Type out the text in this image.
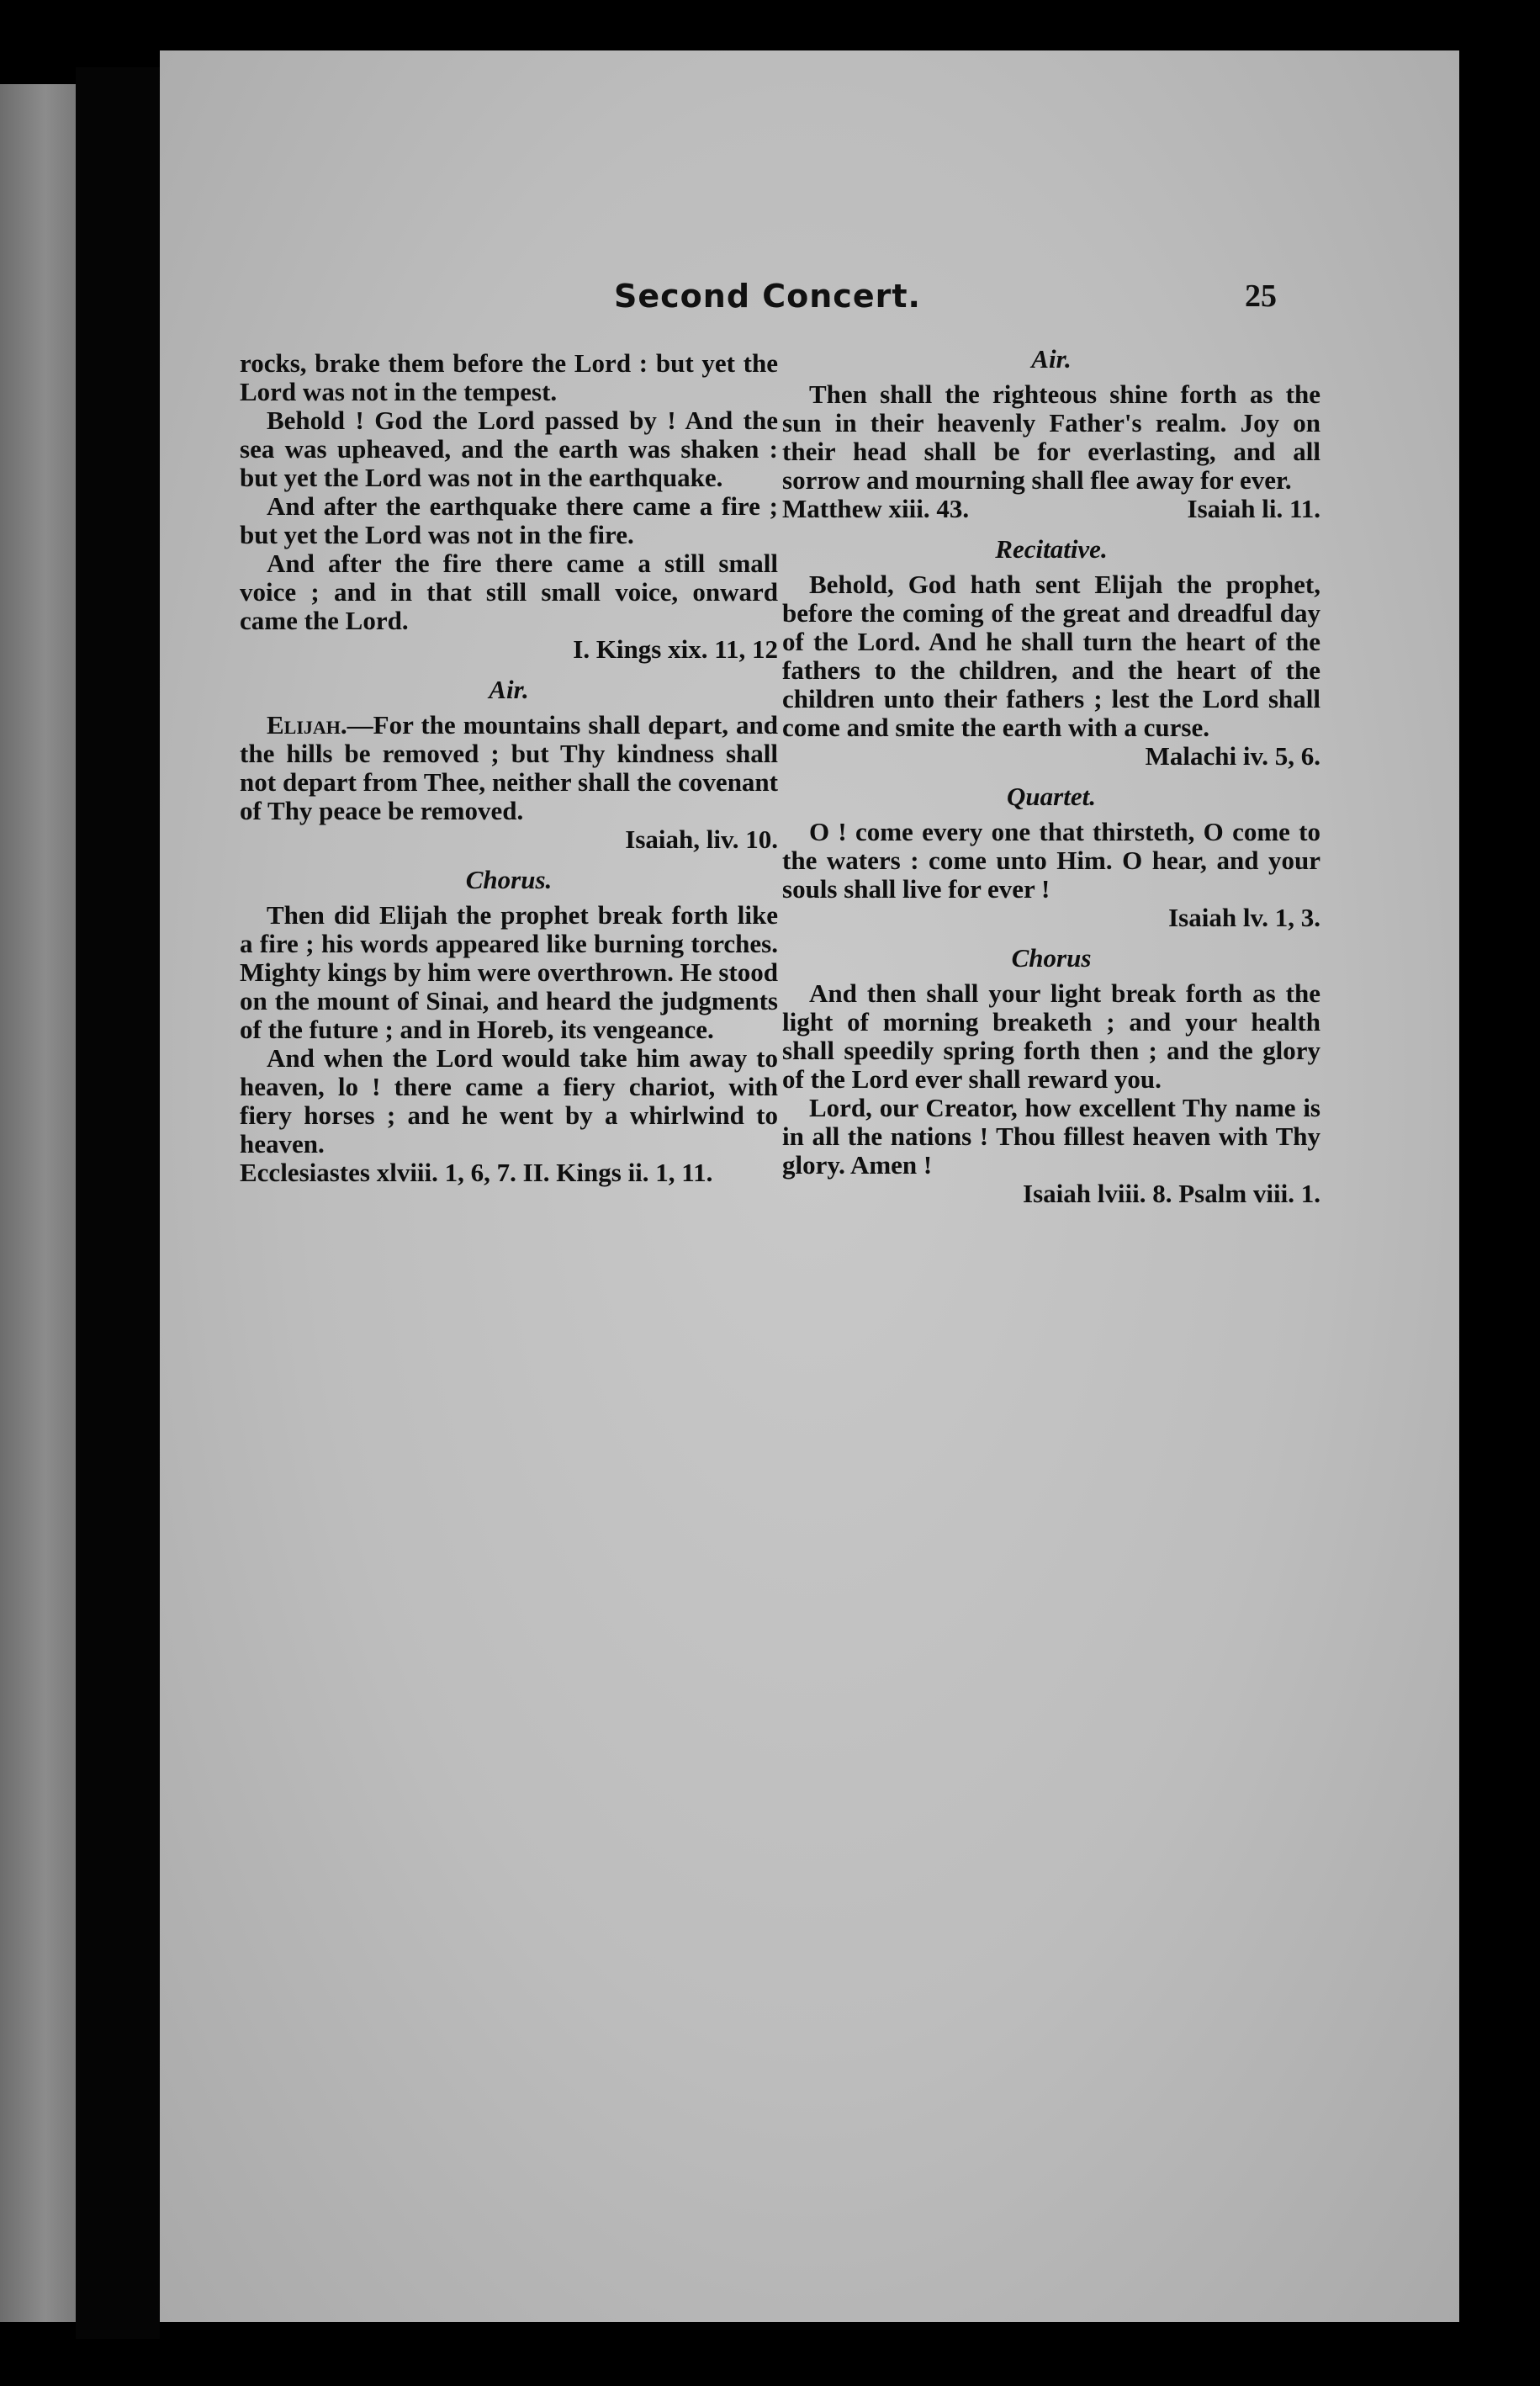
Second Concert.	25

rocks, brake them before the Lord : but yet the Lord was not in the tempest.

Behold ! God the Lord passed by ! And the sea was upheaved, and the earth was shaken : but yet the Lord was not in the earthquake.

And after the earthquake there came a fire ; but yet the Lord was not in the fire.

And after the fire there came a still small voice ; and in that still small voice, onward came the Lord.

I. Kings xix. 11, 12

Air.

Elijah.—For the mountains shall depart, and the hills be removed ; but Thy kindness shall not depart from Thee, neither shall the covenant of Thy peace be removed.

Isaiah, liv. 10.

Chorus.

Then did Elijah the prophet break forth like a fire ; his words appeared like burning torches. Mighty kings by him were overthrown. He stood on the mount of Sinai, and heard the judgments of the future ; and in Horeb, its vengeance.

And when the Lord would take him away to heaven, lo ! there came a fiery chariot, with fiery horses ; and he went by a whirlwind to heaven.

Ecclesiastes xlviii. 1, 6, 7. II. Kings ii. 1, 11.

Air.

Then shall the righteous shine forth as the sun in their heavenly Father's realm. Joy on their head shall be for everlasting, and all sorrow and mourning shall flee away for ever.

Matthew xiii. 43.	Isaiah li. 11.
Recitative.

Behold, God hath sent Elijah the prophet, before the coming of the great and dreadful day of the Lord. And he shall turn the heart of the fathers to the children, and the heart of the children unto their fathers ; lest the Lord shall come and smite the earth with a curse.

Malachi iv. 5, 6.

Quartet.

O ! come every one that thirsteth, O come to the waters : come unto Him. O hear, and your souls shall live for ever !

Isaiah lv. 1, 3.

Chorus

And then shall your light break forth as the light of morning breaketh ; and your health shall speedily spring forth then ; and the glory of the Lord ever shall reward you.

Lord, our Creator, how excellent Thy name is in all the nations ! Thou fillest heaven with Thy glory. Amen !

Isaiah lviii. 8. Psalm viii. 1.
